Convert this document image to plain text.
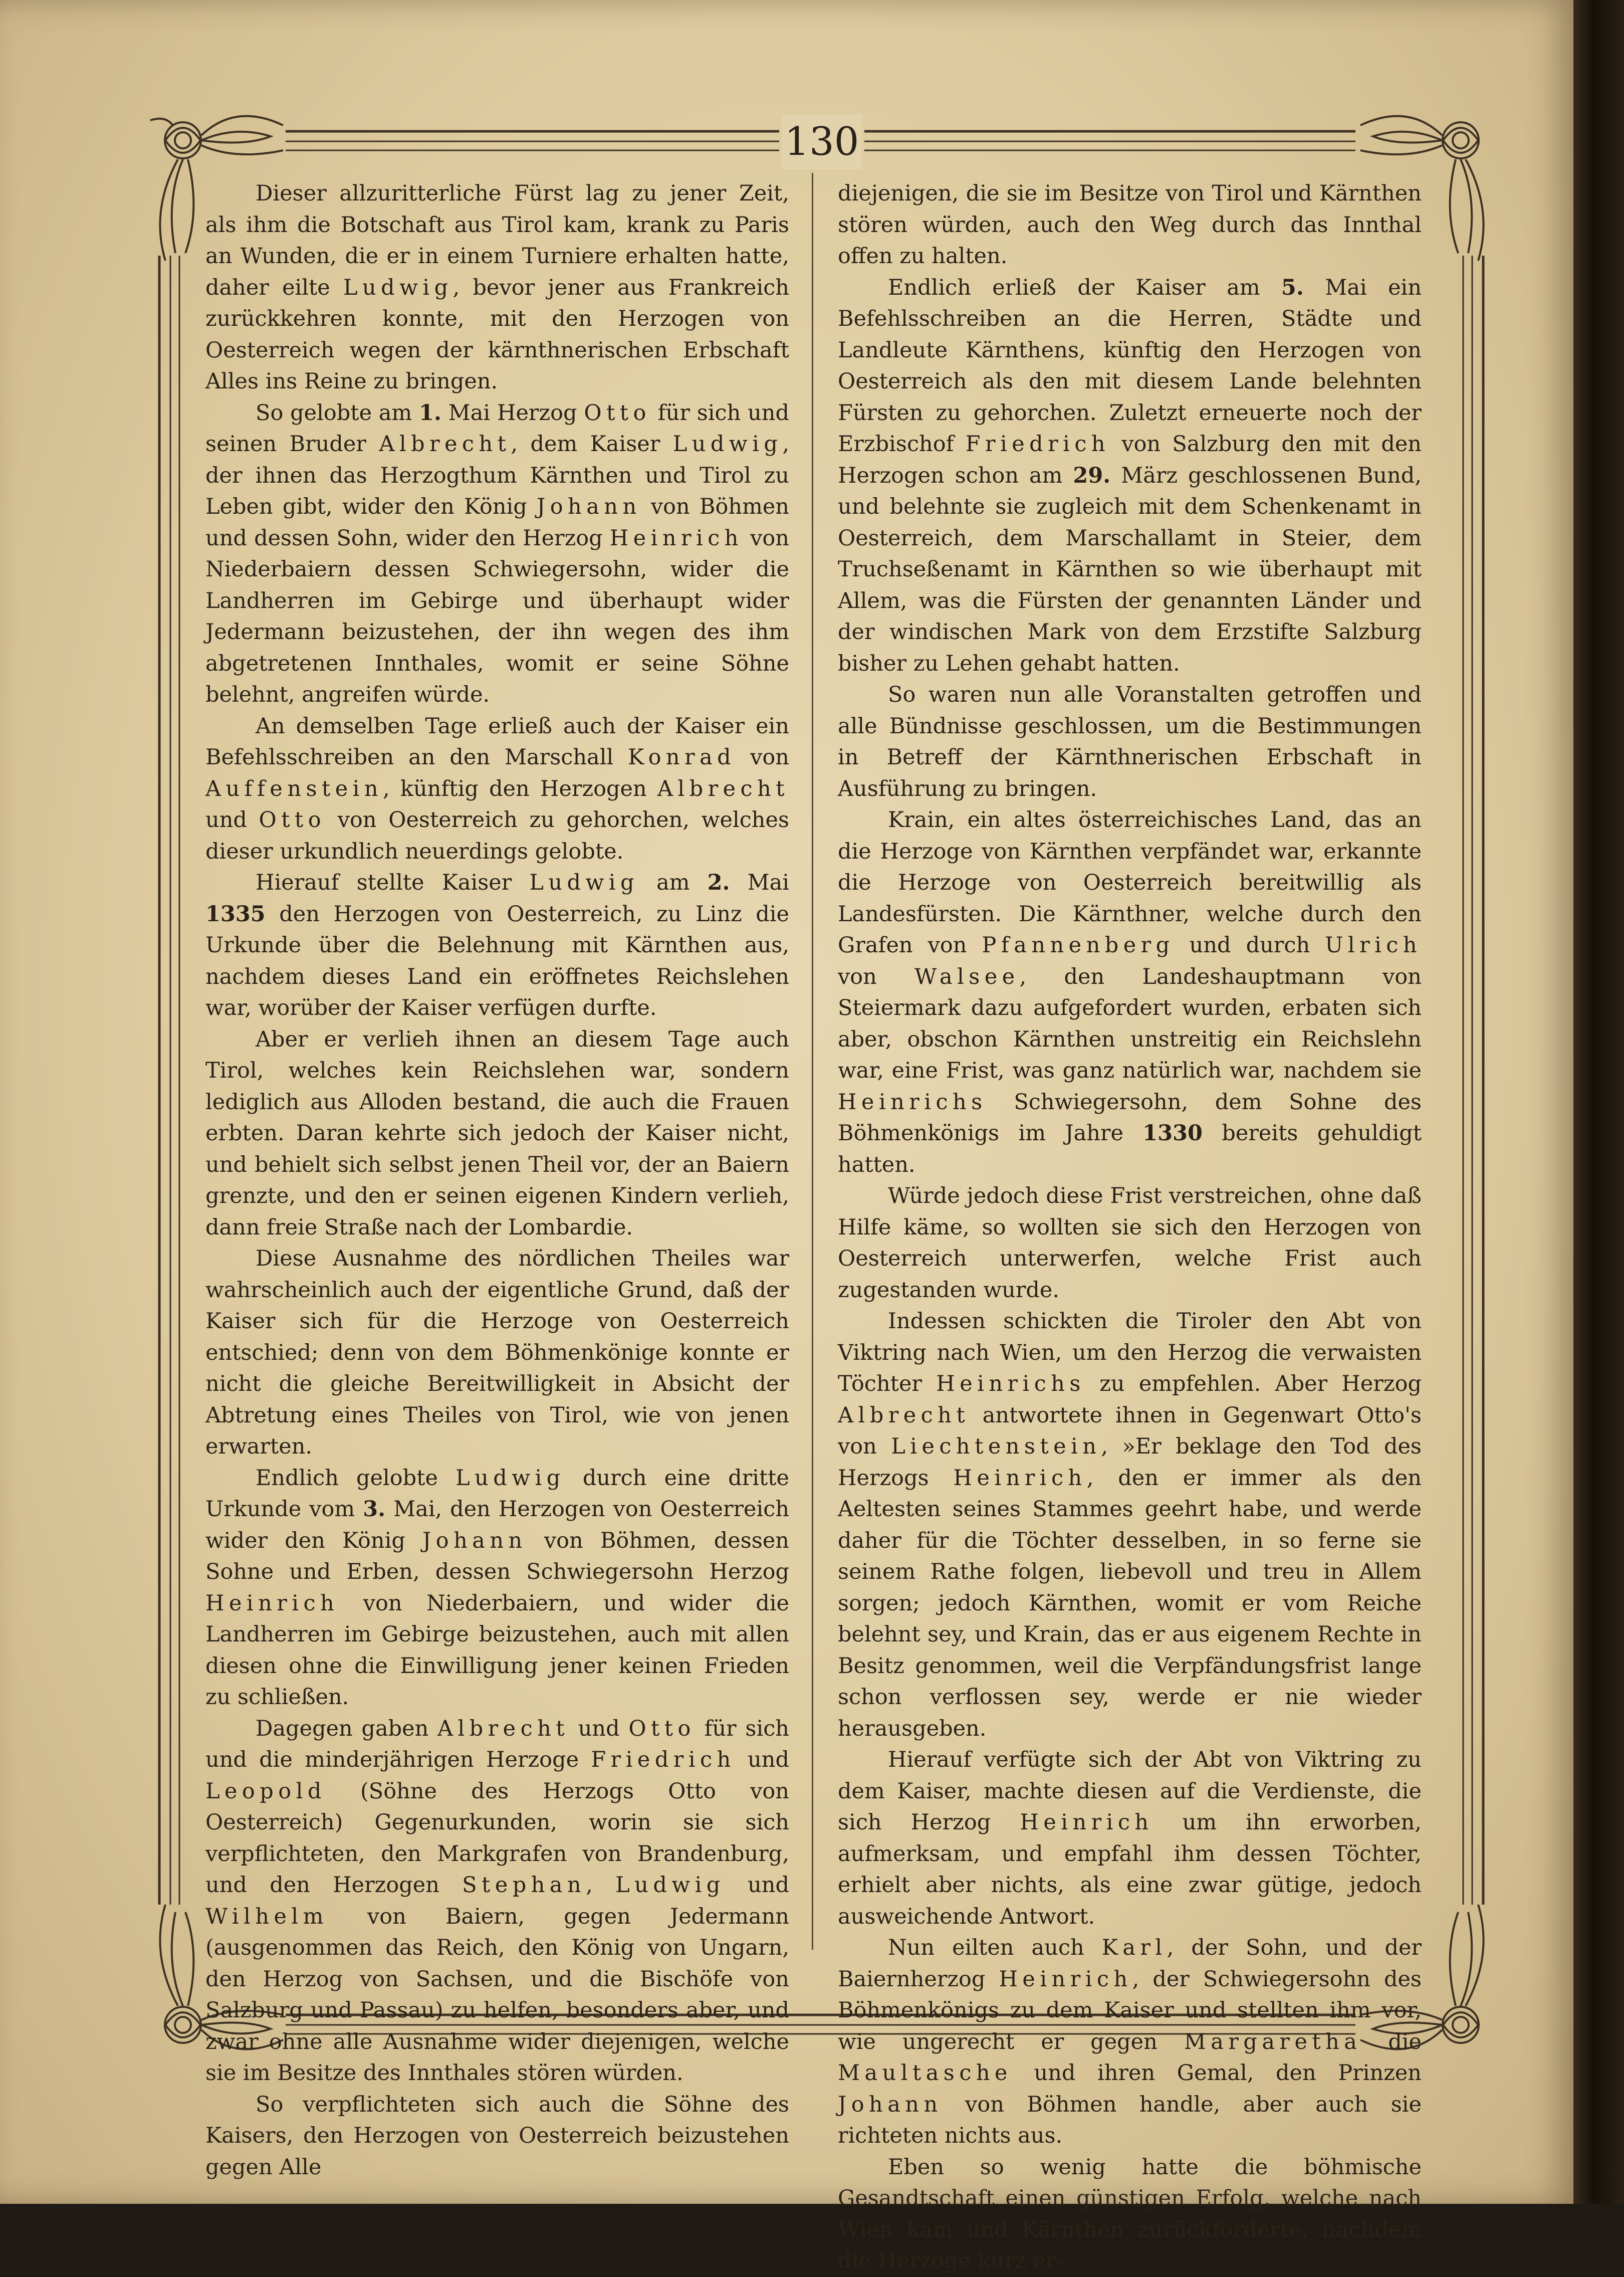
130

Dieser allzuritterliche Fürst lag zu jener Zeit, als ihm die Botschaft aus Tirol kam, krank zu Paris an Wunden, die er in einem Turniere erhalten hatte, daher eilte Ludwig, bevor jener aus Frankreich zurückkehren konnte, mit den Herzogen von Oesterreich wegen der kärnthnerischen Erbschaft Alles ins Reine zu bringen.

So gelobte am 1. Mai Herzog Otto für sich und seinen Bruder Albrecht, dem Kaiser Ludwig, der ihnen das Herzogthum Kärnthen und Tirol zu Leben gibt, wider den König Johann von Böhmen und dessen Sohn, wider den Herzog Heinrich von Niederbaiern dessen Schwiegersohn, wider die Landherren im Gebirge und überhaupt wider Jedermann beizustehen, der ihn wegen des ihm abgetretenen Innthales, womit er seine Söhne belehnt, angreifen würde.

An demselben Tage erließ auch der Kaiser ein Befehlsschreiben an den Marschall Konrad von Auffenstein, künftig den Herzogen Albrecht und Otto von Oesterreich zu gehorchen, welches dieser urkundlich neuerdings gelobte.

Hierauf stellte Kaiser Ludwig am 2. Mai 1335 den Herzogen von Oesterreich, zu Linz die Urkunde über die Belehnung mit Kärnthen aus, nachdem dieses Land ein eröffnetes Reichslehen war, worüber der Kaiser verfügen durfte.

Aber er verlieh ihnen an diesem Tage auch Tirol, welches kein Reichslehen war, sondern lediglich aus Alloden bestand, die auch die Frauen erbten. Daran kehrte sich jedoch der Kaiser nicht, und behielt sich selbst jenen Theil vor, der an Baiern grenzte, und den er seinen eigenen Kindern verlieh, dann freie Straße nach der Lombardie.

Diese Ausnahme des nördlichen Theiles war wahrscheinlich auch der eigentliche Grund, daß der Kaiser sich für die Herzoge von Oesterreich entschied; denn von dem Böhmenkönige konnte er nicht die gleiche Bereitwilligkeit in Absicht der Abtretung eines Theiles von Tirol, wie von jenen erwarten.

Endlich gelobte Ludwig durch eine dritte Urkunde vom 3. Mai, den Herzogen von Oesterreich wider den König Johann von Böhmen, dessen Sohne und Erben, dessen Schwiegersohn Herzog Heinrich von Niederbaiern, und wider die Landherren im Gebirge beizustehen, auch mit allen diesen ohne die Einwilligung jener keinen Frieden zu schließen.

Dagegen gaben Albrecht und Otto für sich und die minderjährigen Herzoge Friedrich und Leopold (Söhne des Herzogs Otto von Oesterreich) Gegenurkunden, worin sie sich verpflichteten, den Markgrafen von Brandenburg, und den Herzogen Stephan, Ludwig und Wilhelm von Baiern, gegen Jedermann (ausgenommen das Reich, den König von Ungarn, den Herzog von Sachsen, und die Bischöfe von Salzburg und Passau) zu helfen, besonders aber, und zwar ohne alle Ausnahme wider diejenigen, welche sie im Besitze des Innthales stören würden.

So verpflichteten sich auch die Söhne des Kaisers, den Herzogen von Oesterreich beizustehen gegen Alle

diejenigen, die sie im Besitze von Tirol und Kärnthen stören würden, auch den Weg durch das Innthal offen zu halten.

Endlich erließ der Kaiser am 5. Mai ein Befehlsschreiben an die Herren, Städte und Landleute Kärnthens, künftig den Herzogen von Oesterreich als den mit diesem Lande belehnten Fürsten zu gehorchen. Zuletzt erneuerte noch der Erzbischof Friedrich von Salzburg den mit den Herzogen schon am 29. März geschlossenen Bund, und belehnte sie zugleich mit dem Schenkenamt in Oesterreich, dem Marschallamt in Steier, dem Truchseßenamt in Kärnthen so wie überhaupt mit Allem, was die Fürsten der genannten Länder und der windischen Mark von dem Erzstifte Salzburg bisher zu Lehen gehabt hatten.

So waren nun alle Voranstalten getroffen und alle Bündnisse geschlossen, um die Bestimmungen in Betreff der Kärnthnerischen Erbschaft in Ausführung zu bringen.

Krain, ein altes österreichisches Land, das an die Herzoge von Kärnthen verpfändet war, erkannte die Herzoge von Oesterreich bereitwillig als Landesfürsten. Die Kärnthner, welche durch den Grafen von Pfannenberg und durch Ulrich von Walsee, den Landeshauptmann von Steiermark dazu aufgefordert wurden, erbaten sich aber, obschon Kärnthen unstreitig ein Reichslehn war, eine Frist, was ganz natürlich war, nachdem sie Heinrichs Schwiegersohn, dem Sohne des Böhmenkönigs im Jahre 1330 bereits gehuldigt hatten.

Würde jedoch diese Frist verstreichen, ohne daß Hilfe käme, so wollten sie sich den Herzogen von Oesterreich unterwerfen, welche Frist auch zugestanden wurde.

Indessen schickten die Tiroler den Abt von Viktring nach Wien, um den Herzog die verwaisten Töchter Heinrichs zu empfehlen. Aber Herzog Albrecht antwortete ihnen in Gegenwart Otto's von Liechtenstein, »Er beklage den Tod des Herzogs Heinrich, den er immer als den Aeltesten seines Stammes geehrt habe, und werde daher für die Töchter desselben, in so ferne sie seinem Rathe folgen, liebevoll und treu in Allem sorgen; jedoch Kärnthen, womit er vom Reiche belehnt sey, und Krain, das er aus eigenem Rechte in Besitz genommen, weil die Verpfändungsfrist lange schon verflossen sey, werde er nie wieder herausgeben.

Hierauf verfügte sich der Abt von Viktring zu dem Kaiser, machte diesen auf die Verdienste, die sich Herzog Heinrich um ihn erworben, aufmerksam, und empfahl ihm dessen Töchter, erhielt aber nichts, als eine zwar gütige, jedoch ausweichende Antwort.

Nun eilten auch Karl, der Sohn, und der Baiernherzog Heinrich, der Schwiegersohn des Böhmenkönigs zu dem Kaiser und stellten ihm vor, wie ungerecht er gegen Margaretha die Maultasche und ihren Gemal, den Prinzen Johann von Böhmen handle, aber auch sie richteten nichts aus.

Eben so wenig hatte die böhmische Gesandtschaft einen günstigen Erfolg, welche nach Wien kam und Kärnthen zurückforderte, nachdem die Herzoge kurz er-
